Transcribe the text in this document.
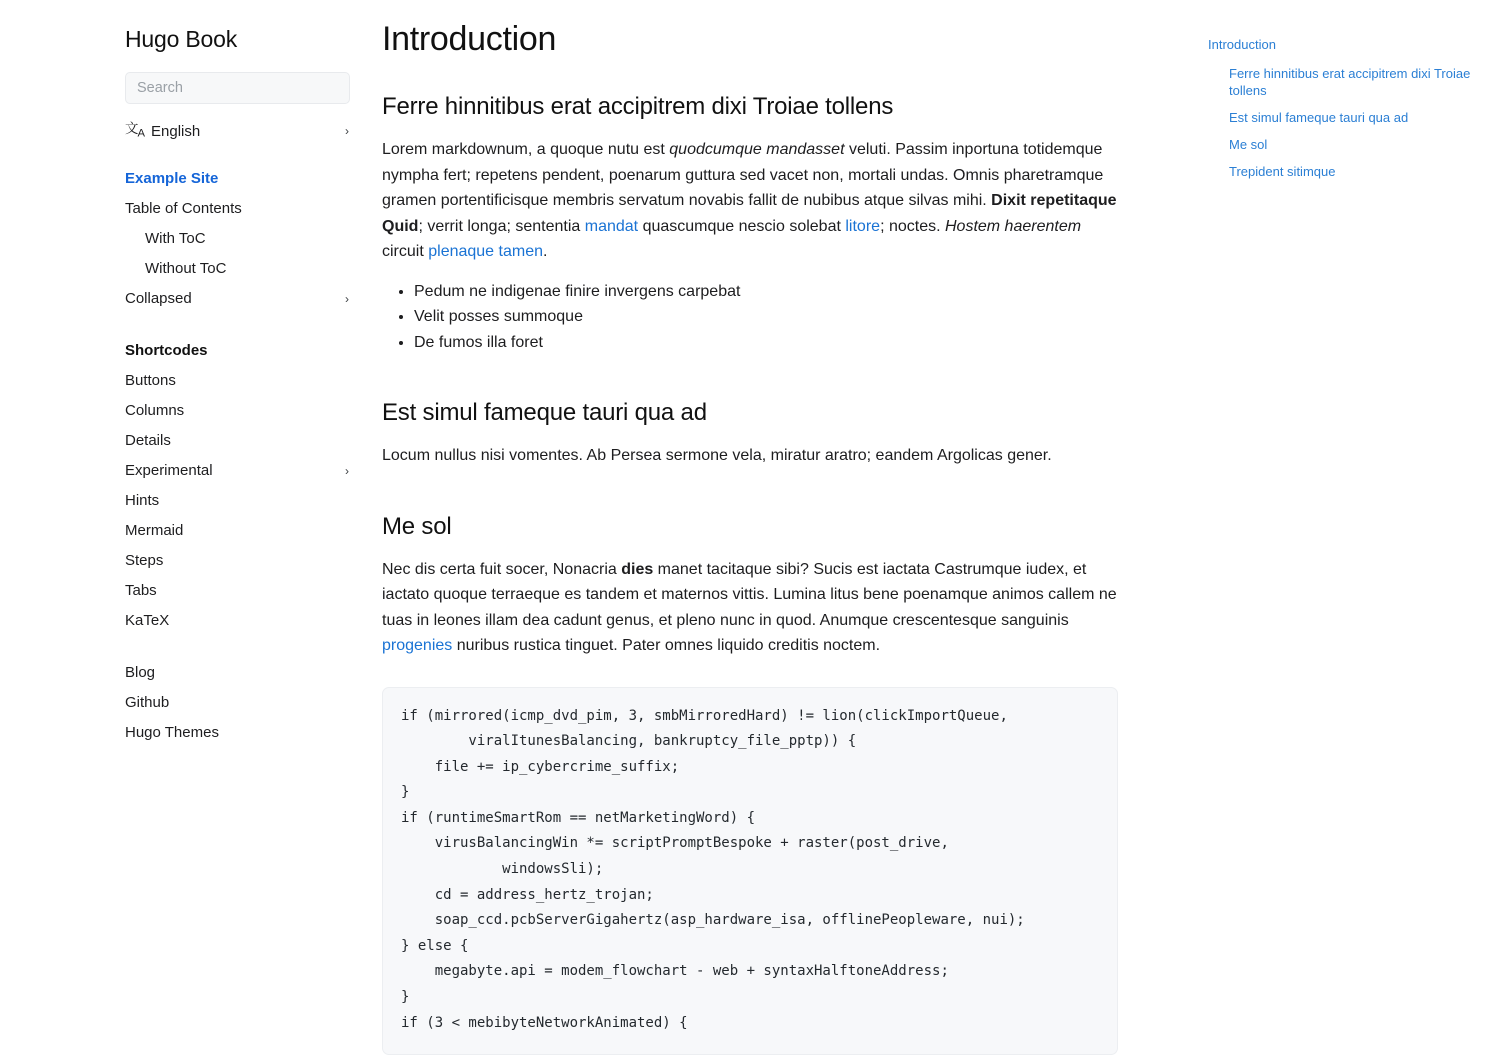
Hugo Book
Search
文$_A$ English	›
Example Site
Table of Contents
With ToC
Without ToC
Collapsed	›
Shortcodes
Buttons
Columns
Details
Experimental	›
Hints
Mermaid
Steps
Tabs
KaTeX
Blog
Github
Hugo Themes
Introduction
Ferre hinnitibus erat accipitrem dixi Troiae tollens

Lorem markdownum, a quoque nutu est quodcumque mandasset veluti. Passim inportuna totidemque nympha fert; repetens pendent, poenarum guttura sed vacet non, mortali undas. Omnis pharetramque gramen portentificisque membris servatum novabis fallit de nubibus atque silvas mihi. Dixit repetitaque Quid; verrit longa; sententia mandat quascumque nescio solebat litore; noctes. Hostem haerentem circuit plenaque tamen.

• Pedum ne indigenae finire invergens carpebat
• Velit posses summoque
• De fumos illa foret
Est simul fameque tauri qua ad

Locum nullus nisi vomentes. Ab Persea sermone vela, miratur aratro; eandem Argolicas gener.

Me sol

Nec dis certa fuit socer, Nonacria dies manet tacitaque sibi? Sucis est iactata Castrumque iudex, et iactato quoque terraeque es tandem et maternos vittis. Lumina litus bene poenamque animos callem ne tuas in leones illam dea cadunt genus, et pleno nunc in quod. Anumque crescentesque sanguinis progenies nuribus rustica tinguet. Pater omnes liquido creditis noctem.

if (mirrored(icmp_dvd_pim, 3, smbMirroredHard) != lion(clickImportQueue,
viralItunesBalancing, bankruptcy_file_pptp)) {
file += ip_cybercrime_suffix;
}
if (runtimeSmartRom == netMarketingWord) {
virusBalancingWin *= scriptPromptBespoke + raster(post_drive,
windowsSli);
cd = address_hertz_trojan;
soap_ccd.pcbServerGigahertz(asp_hardware_isa, offlinePeopleware, nui);
} else {
megabyte.api = modem_flowchart - web + syntaxHalftoneAddress;
}
if (3 < mebibyteNetworkAnimated) {
Introduction
Ferre hinnitibus erat accipitrem dixi Troiae tollens
Est simul fameque tauri qua ad
Me sol
Trepident sitimque
